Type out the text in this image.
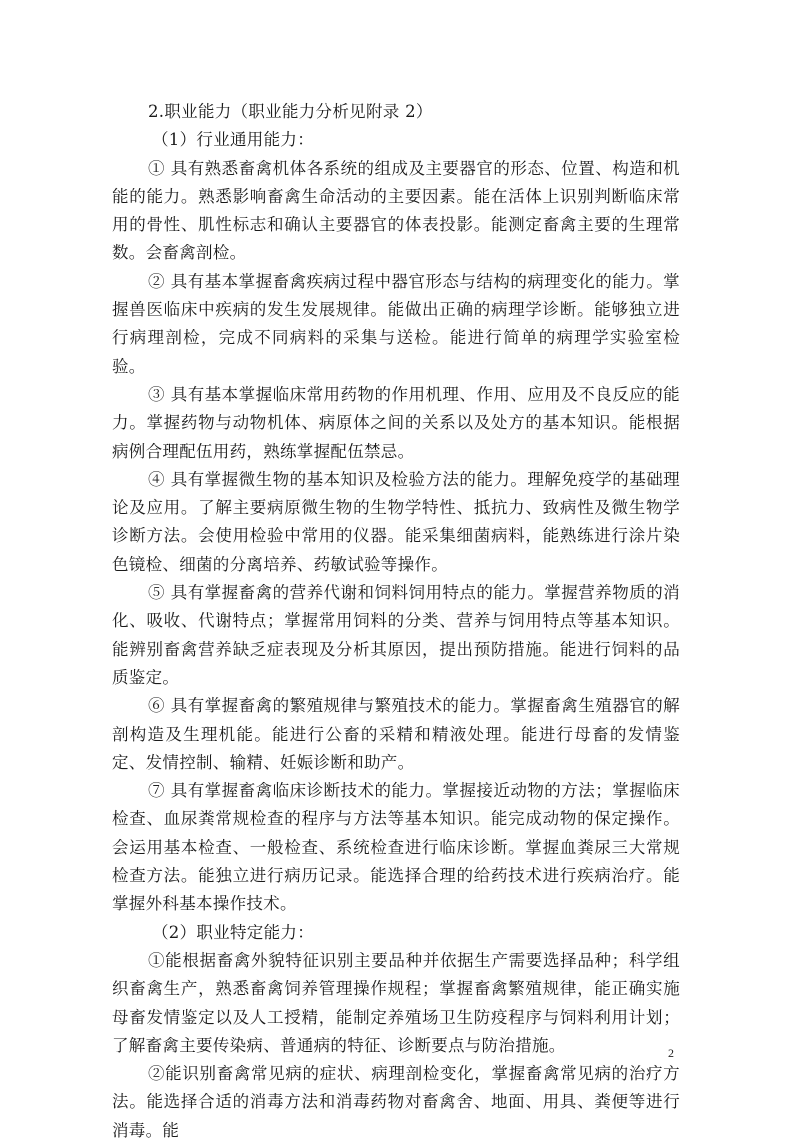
2.职业能力（职业能力分析见附录 2）

（1）行业通用能力：

① 具有熟悉畜禽机体各系统的组成及主要器官的形态、位置、构造和机能的能力。熟悉影响畜禽生命活动的主要因素。能在活体上识别判断临床常用的骨性、肌性标志和确认主要器官的体表投影。能测定畜禽主要的生理常数。会畜禽剖检。

② 具有基本掌握畜禽疾病过程中器官形态与结构的病理变化的能力。掌握兽医临床中疾病的发生发展规律。能做出正确的病理学诊断。能够独立进行病理剖检，完成不同病料的采集与送检。能进行简单的病理学实验室检验。

③ 具有基本掌握临床常用药物的作用机理、作用、应用及不良反应的能力。掌握药物与动物机体、病原体之间的关系以及处方的基本知识。能根据病例合理配伍用药，熟练掌握配伍禁忌。

④ 具有掌握微生物的基本知识及检验方法的能力。理解免疫学的基础理论及应用。了解主要病原微生物的生物学特性、抵抗力、致病性及微生物学诊断方法。会使用检验中常用的仪器。能采集细菌病料，能熟练进行涂片染色镜检、细菌的分离培养、药敏试验等操作。

⑤ 具有掌握畜禽的营养代谢和饲料饲用特点的能力。掌握营养物质的消化、吸收、代谢特点；掌握常用饲料的分类、营养与饲用特点等基本知识。能辨别畜禽营养缺乏症表现及分析其原因，提出预防措施。能进行饲料的品质鉴定。

⑥ 具有掌握畜禽的繁殖规律与繁殖技术的能力。掌握畜禽生殖器官的解剖构造及生理机能。能进行公畜的采精和精液处理。能进行母畜的发情鉴定、发情控制、输精、妊娠诊断和助产。

⑦ 具有掌握畜禽临床诊断技术的能力。掌握接近动物的方法；掌握临床检查、血尿粪常规检查的程序与方法等基本知识。能完成动物的保定操作。会运用基本检查、一般检查、系统检查进行临床诊断。掌握血粪尿三大常规检查方法。能独立进行病历记录。能选择合理的给药技术进行疾病治疗。能掌握外科基本操作技术。

（2）职业特定能力：

①能根据畜禽外貌特征识别主要品种并依据生产需要选择品种；科学组织畜禽生产，熟悉畜禽饲养管理操作规程；掌握畜禽繁殖规律，能正确实施母畜发情鉴定以及人工授精，能制定养殖场卫生防疫程序与饲料利用计划；了解畜禽主要传染病、普通病的特征、诊断要点与防治措施。

②能识别畜禽常见病的症状、病理剖检变化，掌握畜禽常见病的治疗方法。能选择合适的消毒方法和消毒药物对畜禽舍、地面、用具、粪便等进行消毒。能

2
